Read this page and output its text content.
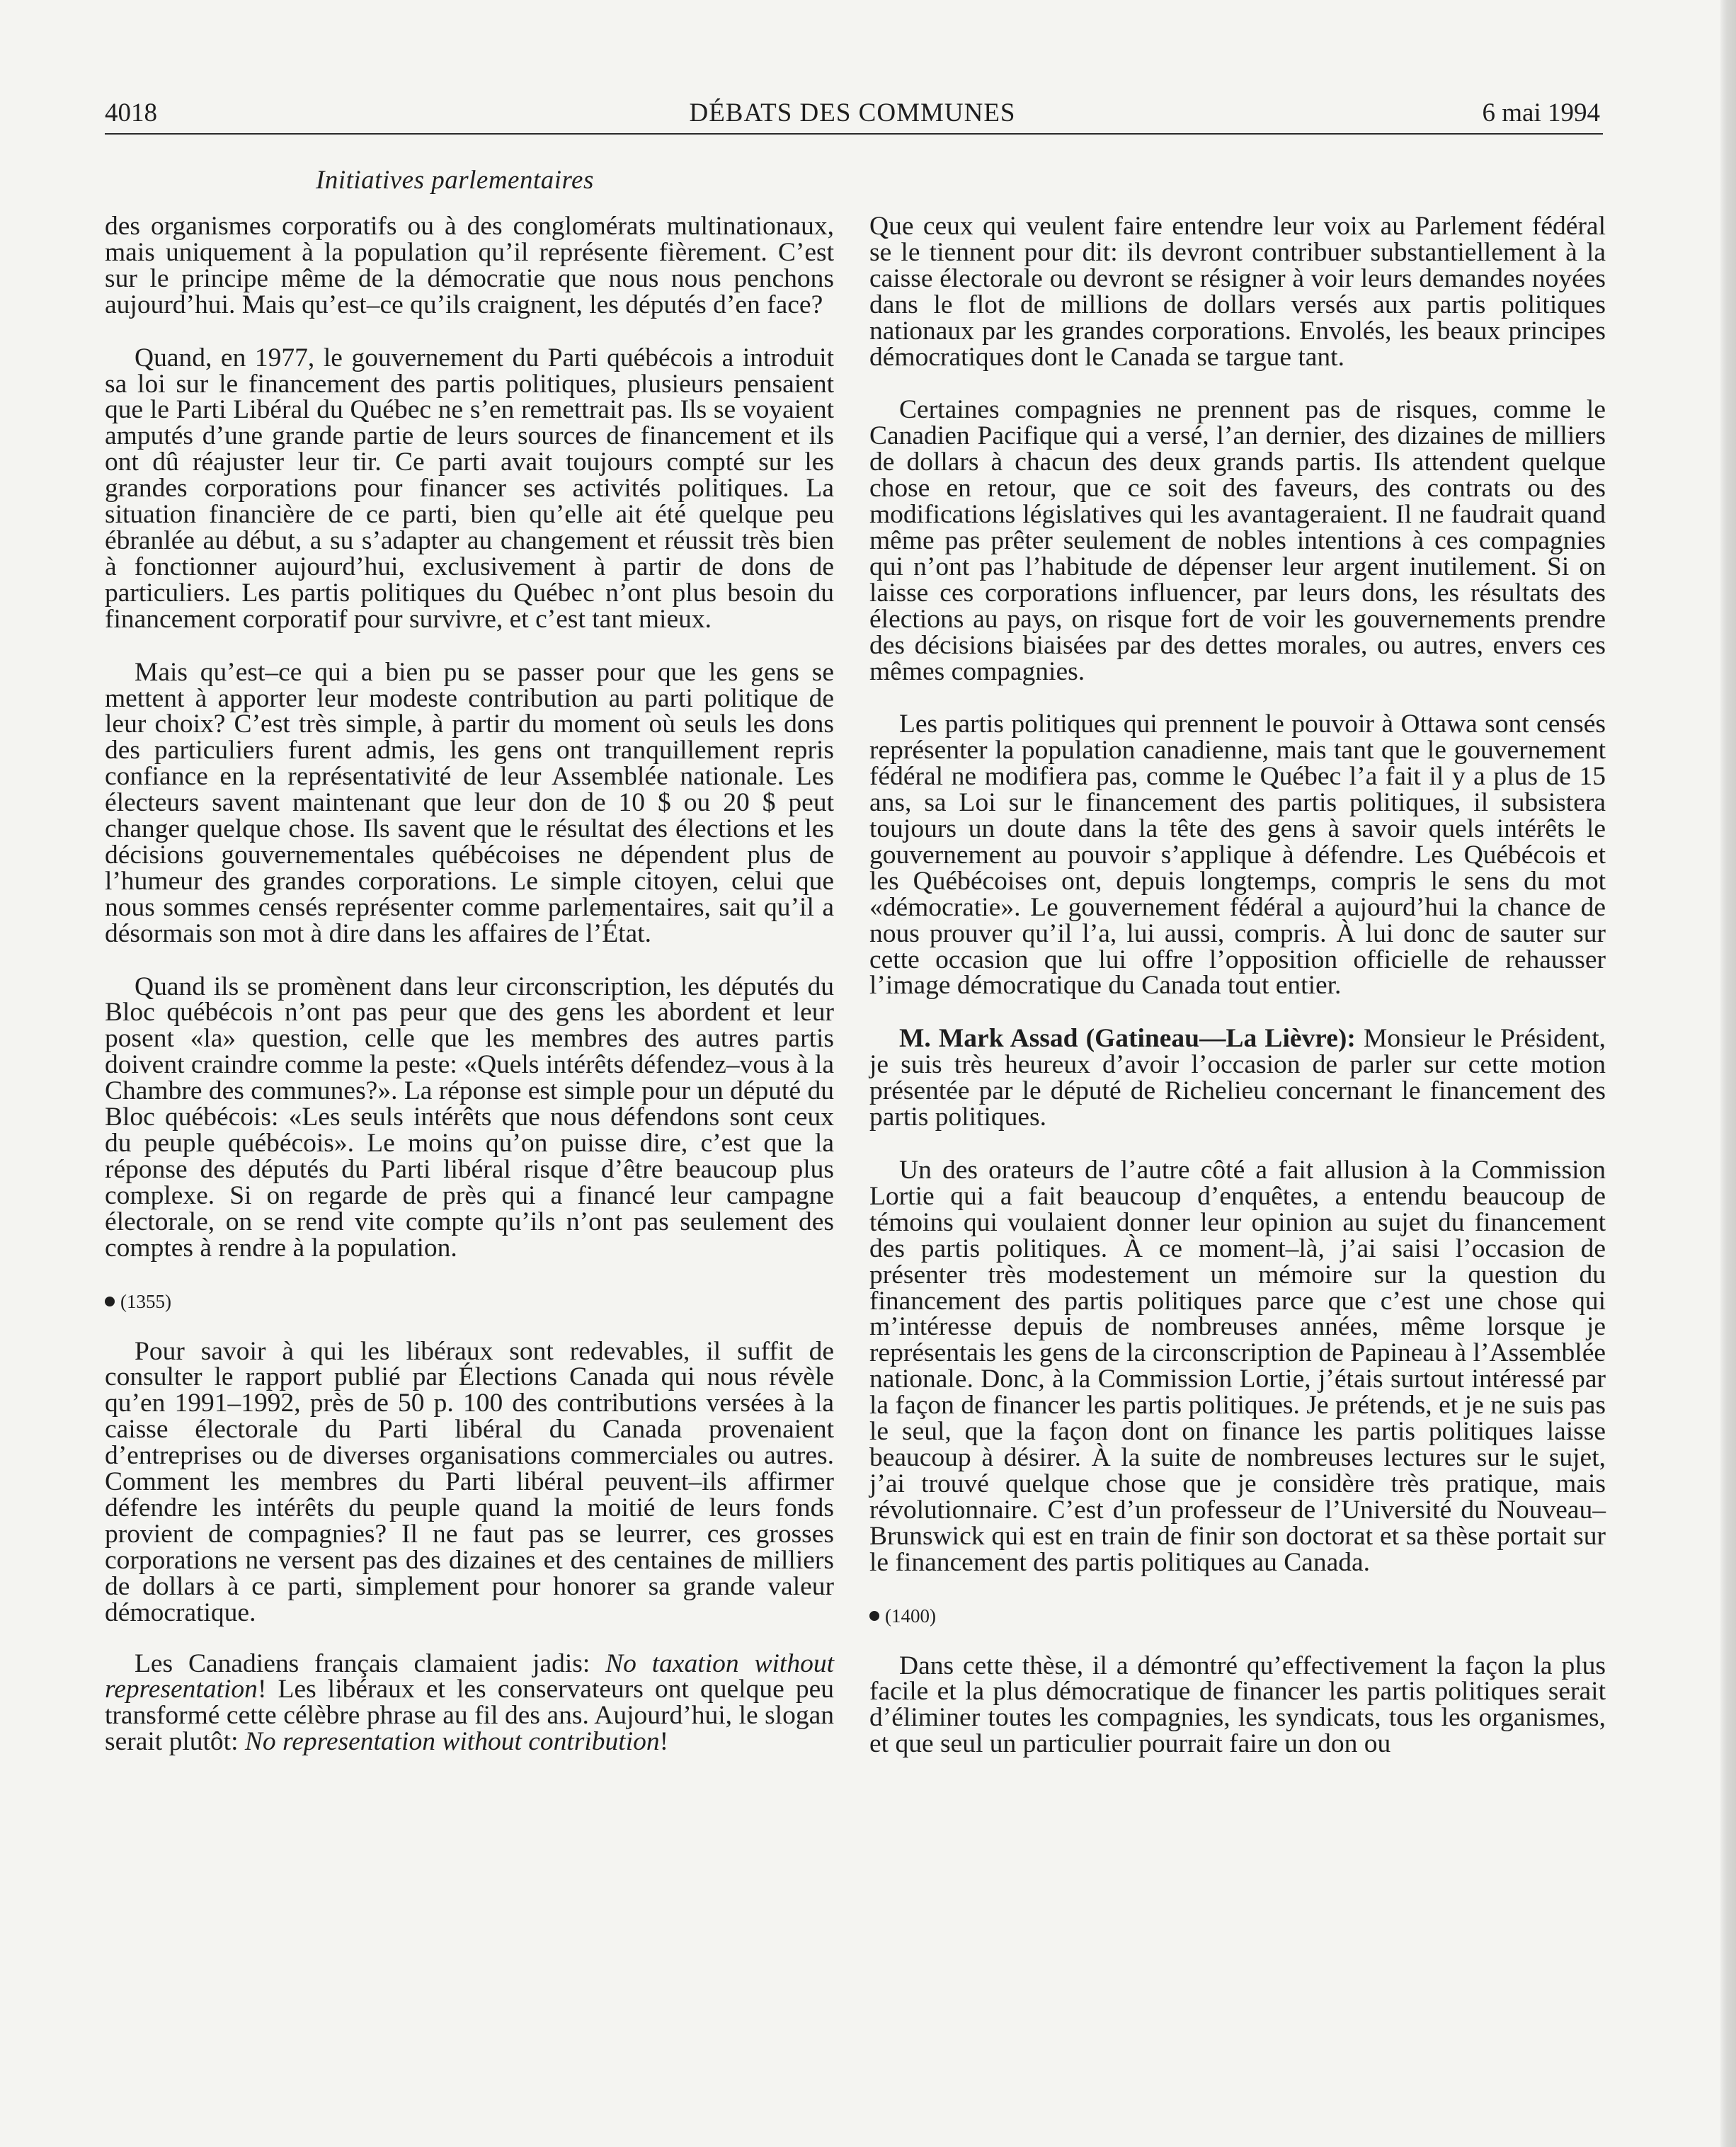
4018	DÉBATS DES COMMUNES	6 mai 1994
Initiatives parlementaires

des organismes corporatifs ou à des conglomérats multinationaux, mais uniquement à la population qu’il représente fièrement. C’est sur le principe même de la démocratie que nous nous penchons aujourd’hui. Mais qu’est–ce qu’ils craignent, les députés d’en face?

Quand, en 1977, le gouvernement du Parti québécois a introduit sa loi sur le financement des partis politiques, plusieurs pensaient que le Parti Libéral du Québec ne s’en remettrait pas. Ils se voyaient amputés d’une grande partie de leurs sources de financement et ils ont dû réajuster leur tir. Ce parti avait toujours compté sur les grandes corporations pour financer ses activités politiques. La situation financière de ce parti, bien qu’elle ait été quelque peu ébranlée au début, a su s’adapter au changement et réussit très bien à fonctionner aujourd’hui, exclusivement à partir de dons de particuliers. Les partis politiques du Québec n’ont plus besoin du financement corporatif pour survivre, et c’est tant mieux.

Mais qu’est–ce qui a bien pu se passer pour que les gens se mettent à apporter leur modeste contribution au parti politique de leur choix? C’est très simple, à partir du moment où seuls les dons des particuliers furent admis, les gens ont tranquillement repris confiance en la représentativité de leur Assemblée nationale. Les électeurs savent maintenant que leur don de 10 $ ou 20 $ peut changer quelque chose. Ils savent que le résultat des élections et les décisions gouvernementales québécoises ne dépendent plus de l’humeur des grandes corporations. Le simple citoyen, celui que nous sommes censés représenter comme parlementaires, sait qu’il a désormais son mot à dire dans les affaires de l’État.

Quand ils se promènent dans leur circonscription, les députés du Bloc québécois n’ont pas peur que des gens les abordent et leur posent «la» question, celle que les membres des autres partis doivent craindre comme la peste: «Quels intérêts défendez–vous à la Chambre des communes?». La réponse est simple pour un député du Bloc québécois: «Les seuls intérêts que nous défendons sont ceux du peuple québécois». Le moins qu’on puisse dire, c’est que la réponse des députés du Parti libéral risque d’être beaucoup plus complexe. Si on regarde de près qui a financé leur campagne électorale, on se rend vite compte qu’ils n’ont pas seulement des comptes à rendre à la population.

(1355)

Pour savoir à qui les libéraux sont redevables, il suffit de consulter le rapport publié par Élections Canada qui nous révèle qu’en 1991–1992, près de 50 p. 100 des contributions versées à la caisse électorale du Parti libéral du Canada provenaient d’entreprises ou de diverses organisations commerciales ou autres. Comment les membres du Parti libéral peuvent–ils affirmer défendre les intérêts du peuple quand la moitié de leurs fonds provient de compagnies? Il ne faut pas se leurrer, ces grosses corporations ne versent pas des dizaines et des centaines de milliers de dollars à ce parti, simplement pour honorer sa grande valeur démocratique.

Les Canadiens français clamaient jadis: No taxation without representation! Les libéraux et les conservateurs ont quelque peu transformé cette célèbre phrase au fil des ans. Aujourd’hui, le slogan serait plutôt: No representation without contribution!

Que ceux qui veulent faire entendre leur voix au Parlement fédéral se le tiennent pour dit: ils devront contribuer substantiellement à la caisse électorale ou devront se résigner à voir leurs demandes noyées dans le flot de millions de dollars versés aux partis politiques nationaux par les grandes corporations. Envolés, les beaux principes démocratiques dont le Canada se targue tant.

Certaines compagnies ne prennent pas de risques, comme le Canadien Pacifique qui a versé, l’an dernier, des dizaines de milliers de dollars à chacun des deux grands partis. Ils attendent quelque chose en retour, que ce soit des faveurs, des contrats ou des modifications législatives qui les avantageraient. Il ne faudrait quand même pas prêter seulement de nobles intentions à ces compagnies qui n’ont pas l’habitude de dépenser leur argent inutilement. Si on laisse ces corporations influencer, par leurs dons, les résultats des élections au pays, on risque fort de voir les gouvernements prendre des décisions biaisées par des dettes morales, ou autres, envers ces mêmes compagnies.

Les partis politiques qui prennent le pouvoir à Ottawa sont censés représenter la population canadienne, mais tant que le gouvernement fédéral ne modifiera pas, comme le Québec l’a fait il y a plus de 15 ans, sa Loi sur le financement des partis politiques, il subsistera toujours un doute dans la tête des gens à savoir quels intérêts le gouvernement au pouvoir s’applique à défendre. Les Québécois et les Québécoises ont, depuis longtemps, compris le sens du mot «démocratie». Le gouvernement fédéral a aujourd’hui la chance de nous prouver qu’il l’a, lui aussi, compris. À lui donc de sauter sur cette occasion que lui offre l’opposition officielle de rehausser l’image démocratique du Canada tout entier.

M. Mark Assad (Gatineau—La Lièvre): Monsieur le Président, je suis très heureux d’avoir l’occasion de parler sur cette motion présentée par le député de Richelieu concernant le financement des partis politiques.

Un des orateurs de l’autre côté a fait allusion à la Commission Lortie qui a fait beaucoup d’enquêtes, a entendu beaucoup de témoins qui voulaient donner leur opinion au sujet du financement des partis politiques. À ce moment–là, j’ai saisi l’occasion de présenter très modestement un mémoire sur la question du financement des partis politiques parce que c’est une chose qui m’intéresse depuis de nombreuses années, même lorsque je représentais les gens de la circonscription de Papineau à l’Assemblée nationale. Donc, à la Commission Lortie, j’étais surtout intéressé par la façon de financer les partis politiques. Je prétends, et je ne suis pas le seul, que la façon dont on finance les partis politiques laisse beaucoup à désirer. À la suite de nombreuses lectures sur le sujet, j’ai trouvé quelque chose que je considère très pratique, mais révolutionnaire. C’est d’un professeur de l’Université du Nouveau–Brunswick qui est en train de finir son doctorat et sa thèse portait sur le financement des partis politiques au Canada.

(1400)

Dans cette thèse, il a démontré qu’effectivement la façon la plus facile et la plus démocratique de financer les partis politiques serait d’éliminer toutes les compagnies, les syndicats, tous les organismes, et que seul un particulier pourrait faire un don ou
